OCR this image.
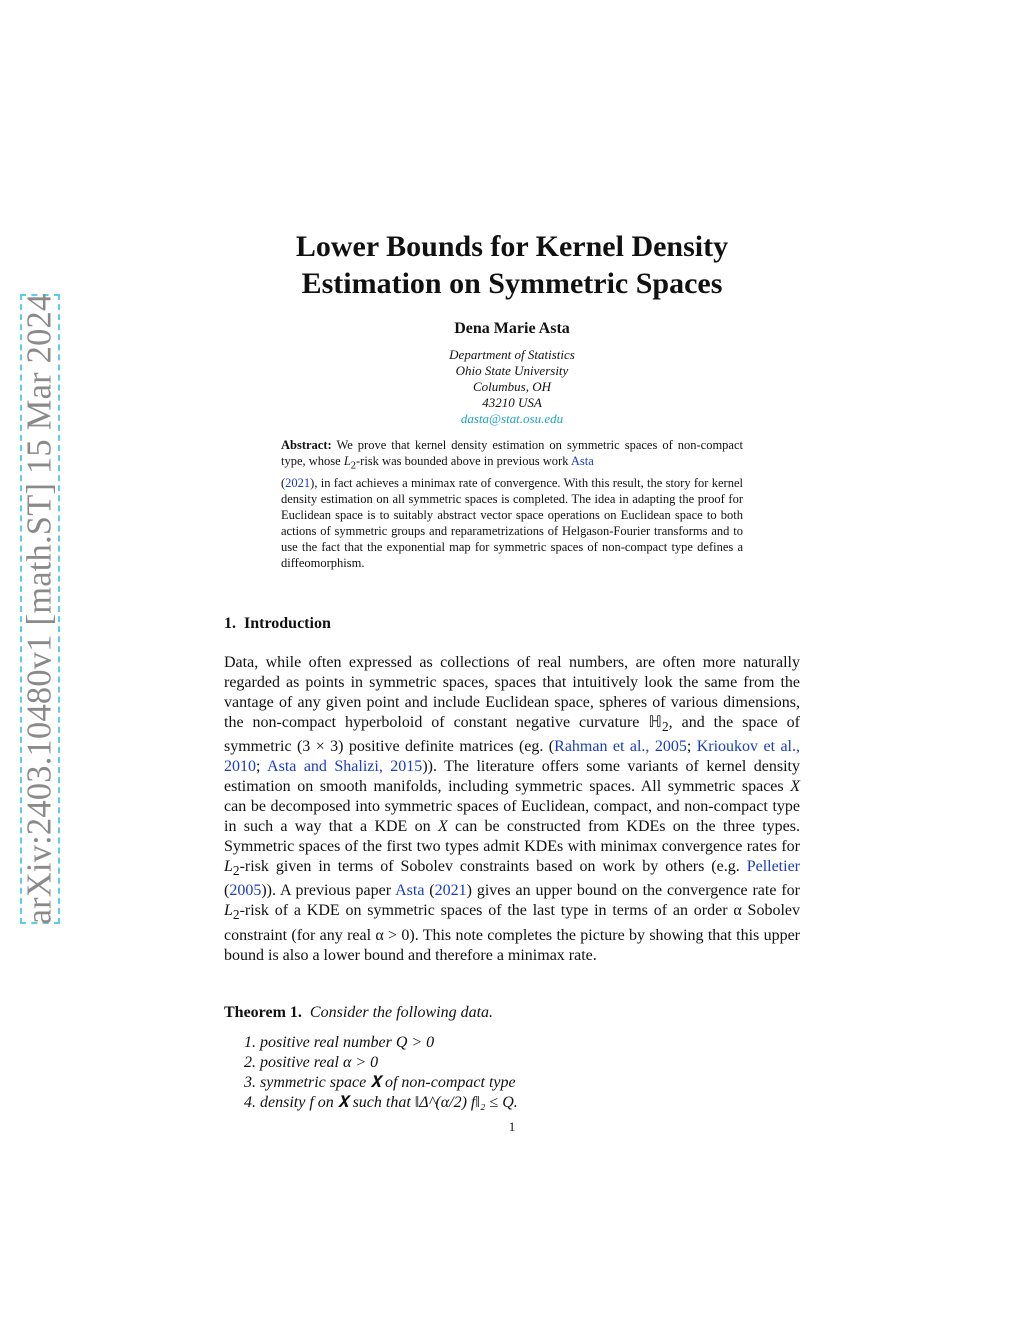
arXiv:2403.10480v1 [math.ST] 15 Mar 2024
Lower Bounds for Kernel Density
Estimation on Symmetric Spaces
Dena Marie Asta
Department of Statistics
Ohio State University
Columbus, OH
43210 USA
dasta@stat.osu.edu

Abstract: We prove that kernel density estimation on symmetric spaces of non-compact type, whose $L_2$-risk was bounded above in previous work Asta
(2021), in fact achieves a minimax rate of convergence. With this result, the story for kernel density estimation on all symmetric spaces is completed. The idea in adapting the proof for Euclidean space is to suitably abstract vector space operations on Euclidean space to both actions of symmetric groups and reparametrizations of Helgason-Fourier transforms and to use the fact that the exponential map for symmetric spaces of non-compact type defines a diffeomorphism.

1. Introduction

Data, while often expressed as collections of real numbers, are often more naturally regarded as points in symmetric spaces, spaces that intuitively look the same from the vantage of any given point and include Euclidean space, spheres of various dimensions, the non-compact hyperboloid of constant negative curvature ℍ$_2$, and the space of symmetric (3 × 3) positive definite matrices (eg. (Rahman et al., 2005; Krioukov et al., 2010; Asta and Shalizi, 2015)). The literature offers some variants of kernel density estimation on smooth manifolds, including symmetric spaces. All symmetric spaces X can be decomposed into symmetric spaces of Euclidean, compact, and non-compact type in such a way that a KDE on X can be constructed from KDEs on the three types. Symmetric spaces of the first two types admit KDEs with minimax convergence rates for $L_2$-risk given in terms of Sobolev constraints based on work by others (e.g. Pelletier (2005)). A previous paper Asta (2021) gives an upper bound on the convergence rate for $L_2$-risk of a KDE on symmetric spaces of the last type in terms of an order α Sobolev constraint (for any real α > 0). This note completes the picture by showing that this upper bound is also a lower bound and therefore a minimax rate.

Theorem 1. Consider the following data.

1. positive real number Q > 0
2. positive real α > 0
3. symmetric space 𝐗 of non-compact type
4. density f on 𝐗 such that ‖Δ^(α/2) f‖₂ ≤ Q.
1
